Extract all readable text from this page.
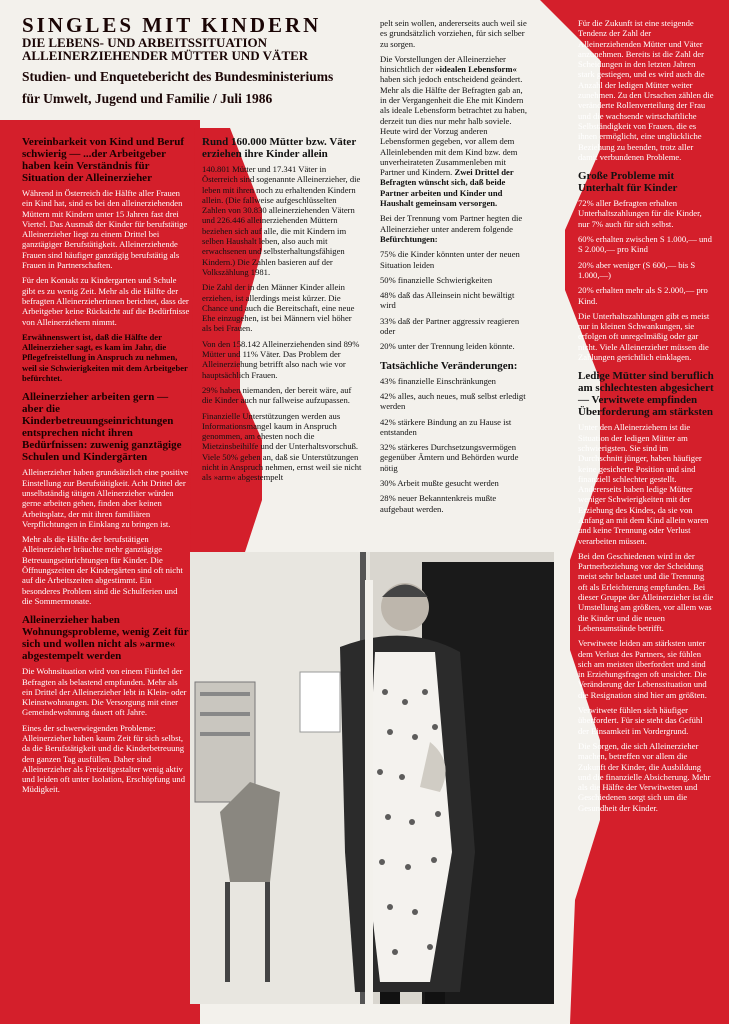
SINGLES MIT KINDERN
DIE LEBENS- UND ARBEITSSITUATION
ALLEINERZIEHENDER MÜTTER UND VÄTER
Studien- und Enquetebericht des Bundesministeriums
für Umwelt, Jugend und Familie / Juli 1986
Vereinbarkeit von Kind und Beruf schwierig — ...der Arbeitgeber haben kein Verständnis für Situation der Alleinerzieher

Während in Österreich die Hälfte aller Frauen ein Kind hat, sind es bei den alleinerziehenden Müttern mit Kindern unter 15 Jahren fast drei Viertel. Das Ausmaß der Kinder für berufstätige Alleinerzieher liegt zu einem Drittel bei ganztägiger Berufstätigkeit. Alleinerziehende Frauen sind häufiger ganztägig berufstätig als Frauen in Partnerschaften.

Für den Kontakt zu Kindergarten und Schule gibt es zu wenig Zeit. Mehr als die Hälfte der befragten Alleinerzieherinnen berichtet, dass der Arbeitgeber keine Rücksicht auf die Bedürfnisse von Alleinerziehern nimmt.

Erwähnenswert ist, daß die Hälfte der Alleinerzieher sagt, es kam im Jahr, die Pflegefreistellung in Anspruch zu nehmen, weil sie Schwierigkeiten mit dem Arbeitgeber befürchtet.

Alleinerzieher arbeiten gern — aber die Kinderbetreuungseinrichtungen entsprechen nicht ihren Bedürfnissen: zuwenig ganztägige Schulen und Kindergärten

Alleinerzieher haben grundsätzlich eine positive Einstellung zur Berufstätigkeit. Acht Drittel der unselbständig tätigen Alleinerzieher würden gerne arbeiten gehen, finden aber keinen Arbeitsplatz, der mit ihren familiären Verpflichtungen in Einklang zu bringen ist.

Mehr als die Hälfte der berufstätigen Alleinerzieher bräuchte mehr ganztägige Betreuungseinrichtungen für Kinder. Die Öffnungszeiten der Kindergärten sind oft nicht auf die Arbeitszeiten abgestimmt. Ein besonderes Problem sind die Schulferien und die Sommermonate.

Alleinerzieher haben Wohnungsprobleme, wenig Zeit für sich und wollen nicht als »arme« abgestempelt werden

Die Wohnsituation wird von einem Fünftel der Befragten als belastend empfunden. Mehr als ein Drittel der Alleinerzieher lebt in Klein- oder Kleinstwohnungen. Die Versorgung mit einer Gemeindewohnung dauert oft Jahre.

Eines der schwerwiegenden Probleme: Alleinerzieher haben kaum Zeit für sich selbst, da die Berufstätigkeit und die Kinderbetreuung den ganzen Tag ausfüllen. Daher sind Alleinerzieher als Freizeitgestalter wenig aktiv und leiden oft unter Isolation, Erschöpfung und Müdigkeit.

Rund 160.000 Mütter bzw. Väter erziehen ihre Kinder allein

140.801 Mütter und 17.341 Väter in Österreich sind sogenannte Alleinerzieher, die leben mit ihren noch zu erhaltenden Kindern allein. (Die fallweise aufgeschlüsselten Zahlen von 30.830 alleinerziehenden Vätern und 226.446 alleinerziehenden Müttern beziehen sich auf alle, die mit Kindern im selben Haushalt leben, also auch mit erwachsenen und selbsterhaltungsfähigen Kindern.) Die Zahlen basieren auf der Volkszählung 1981.

Die Zahl der in den Männer Kinder allein erziehen, ist allerdings meist kürzer. Die Chance und auch die Bereitschaft, eine neue Ehe einzugehen, ist bei Männern viel höher als bei Frauen.

Von den 158.142 Alleinerziehenden sind 89% Mütter und 11% Väter. Das Problem der Alleinerziehung betrifft also nach wie vor hauptsächlich Frauen.

29% haben niemanden, der bereit wäre, auf die Kinder auch nur fallweise aufzupassen.

Finanzielle Unterstützungen werden aus Informationsmangel kaum in Anspruch genommen, am ehesten noch die Mietzinsbeihilfe und der Unterhaltsvorschuß. Viele 50% geben an, daß sie Unterstützungen nicht in Anspruch nehmen, ernst weil sie nicht als »arm« abgestempelt

pelt sein wollen, andererseits auch weil sie es grundsätzlich vorziehen, für sich selber zu sorgen.

Die Vorstellungen der Alleinerzieher hinsichtlich der »idealen Lebensform« haben sich jedoch entscheidend geändert. Mehr als die Hälfte der Befragten gab an, in der Vergangenheit die Ehe mit Kindern als ideale Lebensform betrachtet zu haben, derzeit tun dies nur mehr halb soviele. Heute wird der Vorzug anderen Lebensformen gegeben, vor allem dem Alleinlebenden mit dem Kind bzw. dem unverheirateten Zusammenleben mit Partner und Kindern. Zwei Drittel der Befragten wünscht sich, daß beide Partner arbeiten und Kinder und Haushalt gemeinsam versorgen.

Bei der Trennung vom Partner hegten die Alleinerzieher unter anderem folgende Befürchtungen:

75% die Kinder könnten unter der neuen Situation leiden

50% finanzielle Schwierigkeiten

48% daß das Alleinsein nicht bewältigt wird

33% daß der Partner aggressiv reagieren oder

20% unter der Trennung leiden könnte.

Tatsächliche Veränderungen:

43% finanzielle Einschränkungen

42% alles, auch neues, muß selbst erledigt werden

42% stärkere Bindung an zu Hause ist entstanden

32% stärkeres Durchsetzungsvermögen gegenüber Ämtern und Behörden wurde nötig

30% Arbeit mußte gesucht werden

28% neuer Bekanntenkreis mußte aufgebaut werden.

Für die Zukunft ist eine steigende Tendenz der Zahl der Alleinerziehenden Mütter und Väter anzunehmen. Bereits ist die Zahl der Scheidungen in den letzten Jahren stark gestiegen, und es wird auch die Anzahl der ledigen Mütter weiter zunehmen. Zu den Ursachen zählen die veränderte Rollenverteilung der Frau und die wachsende wirtschaftliche Selbständigkeit von Frauen, die es ihnen ermöglicht, eine unglückliche Beziehung zu beenden, trotz aller damit verbundenen Probleme.

Große Probleme mit Unterhalt für Kinder

72% aller Befragten erhalten Unterhaltszahlungen für die Kinder, nur 7% auch für sich selbst.

60% erhalten zwischen S 1.000,— und S 2.000,— pro Kind

20% aber weniger (S 600,— bis S 1.000,—)

20% erhalten mehr als S 2.000,— pro Kind.

Die Unterhaltszahlungen gibt es meist nur in kleinen Schwankungen, sie erfolgen oft unregelmäßig oder gar nicht. Viele Alleinerzieher müssen die Zahlungen gerichtlich einklagen.

Ledige Mütter sind beruflich am schlechtesten abgesichert — Verwitwete empfinden Überforderung am stärksten

Unter den Alleinerziehern ist die Situation der ledigen Mütter am schwierigsten. Sie sind im Durchschnitt jünger, haben häufiger keine gesicherte Position und sind finanziell schlechter gestellt. Andererseits haben ledige Mütter weniger Schwierigkeiten mit der Erziehung des Kindes, da sie von Anfang an mit dem Kind allein waren und keine Trennung oder Verlust verarbeiten müssen.

Bei den Geschiedenen wird in der Partnerbeziehung vor der Scheidung meist sehr belastet und die Trennung oft als Erleichterung empfunden. Bei dieser Gruppe der Alleinerzieher ist die Umstellung am größten, vor allem was die Kinder und die neuen Lebensumstände betrifft.

Verwitwete leiden am stärksten unter dem Verlust des Partners, sie fühlen sich am meisten überfordert und sind in Erziehungsfragen oft unsicher. Die Veränderung der Lebenssituation und die Resignation sind hier am größten.

Verwitwete fühlen sich häufiger überfordert. Für sie steht das Gefühl der Einsamkeit im Vordergrund.

Die Sorgen, die sich Alleinerzieher machen, betreffen vor allem die Zukunft der Kinder, die Ausbildung und die finanzielle Absicherung. Mehr als die Hälfte der Verwitweten und Geschiedenen sorgt sich um die Gesundheit der Kinder.
